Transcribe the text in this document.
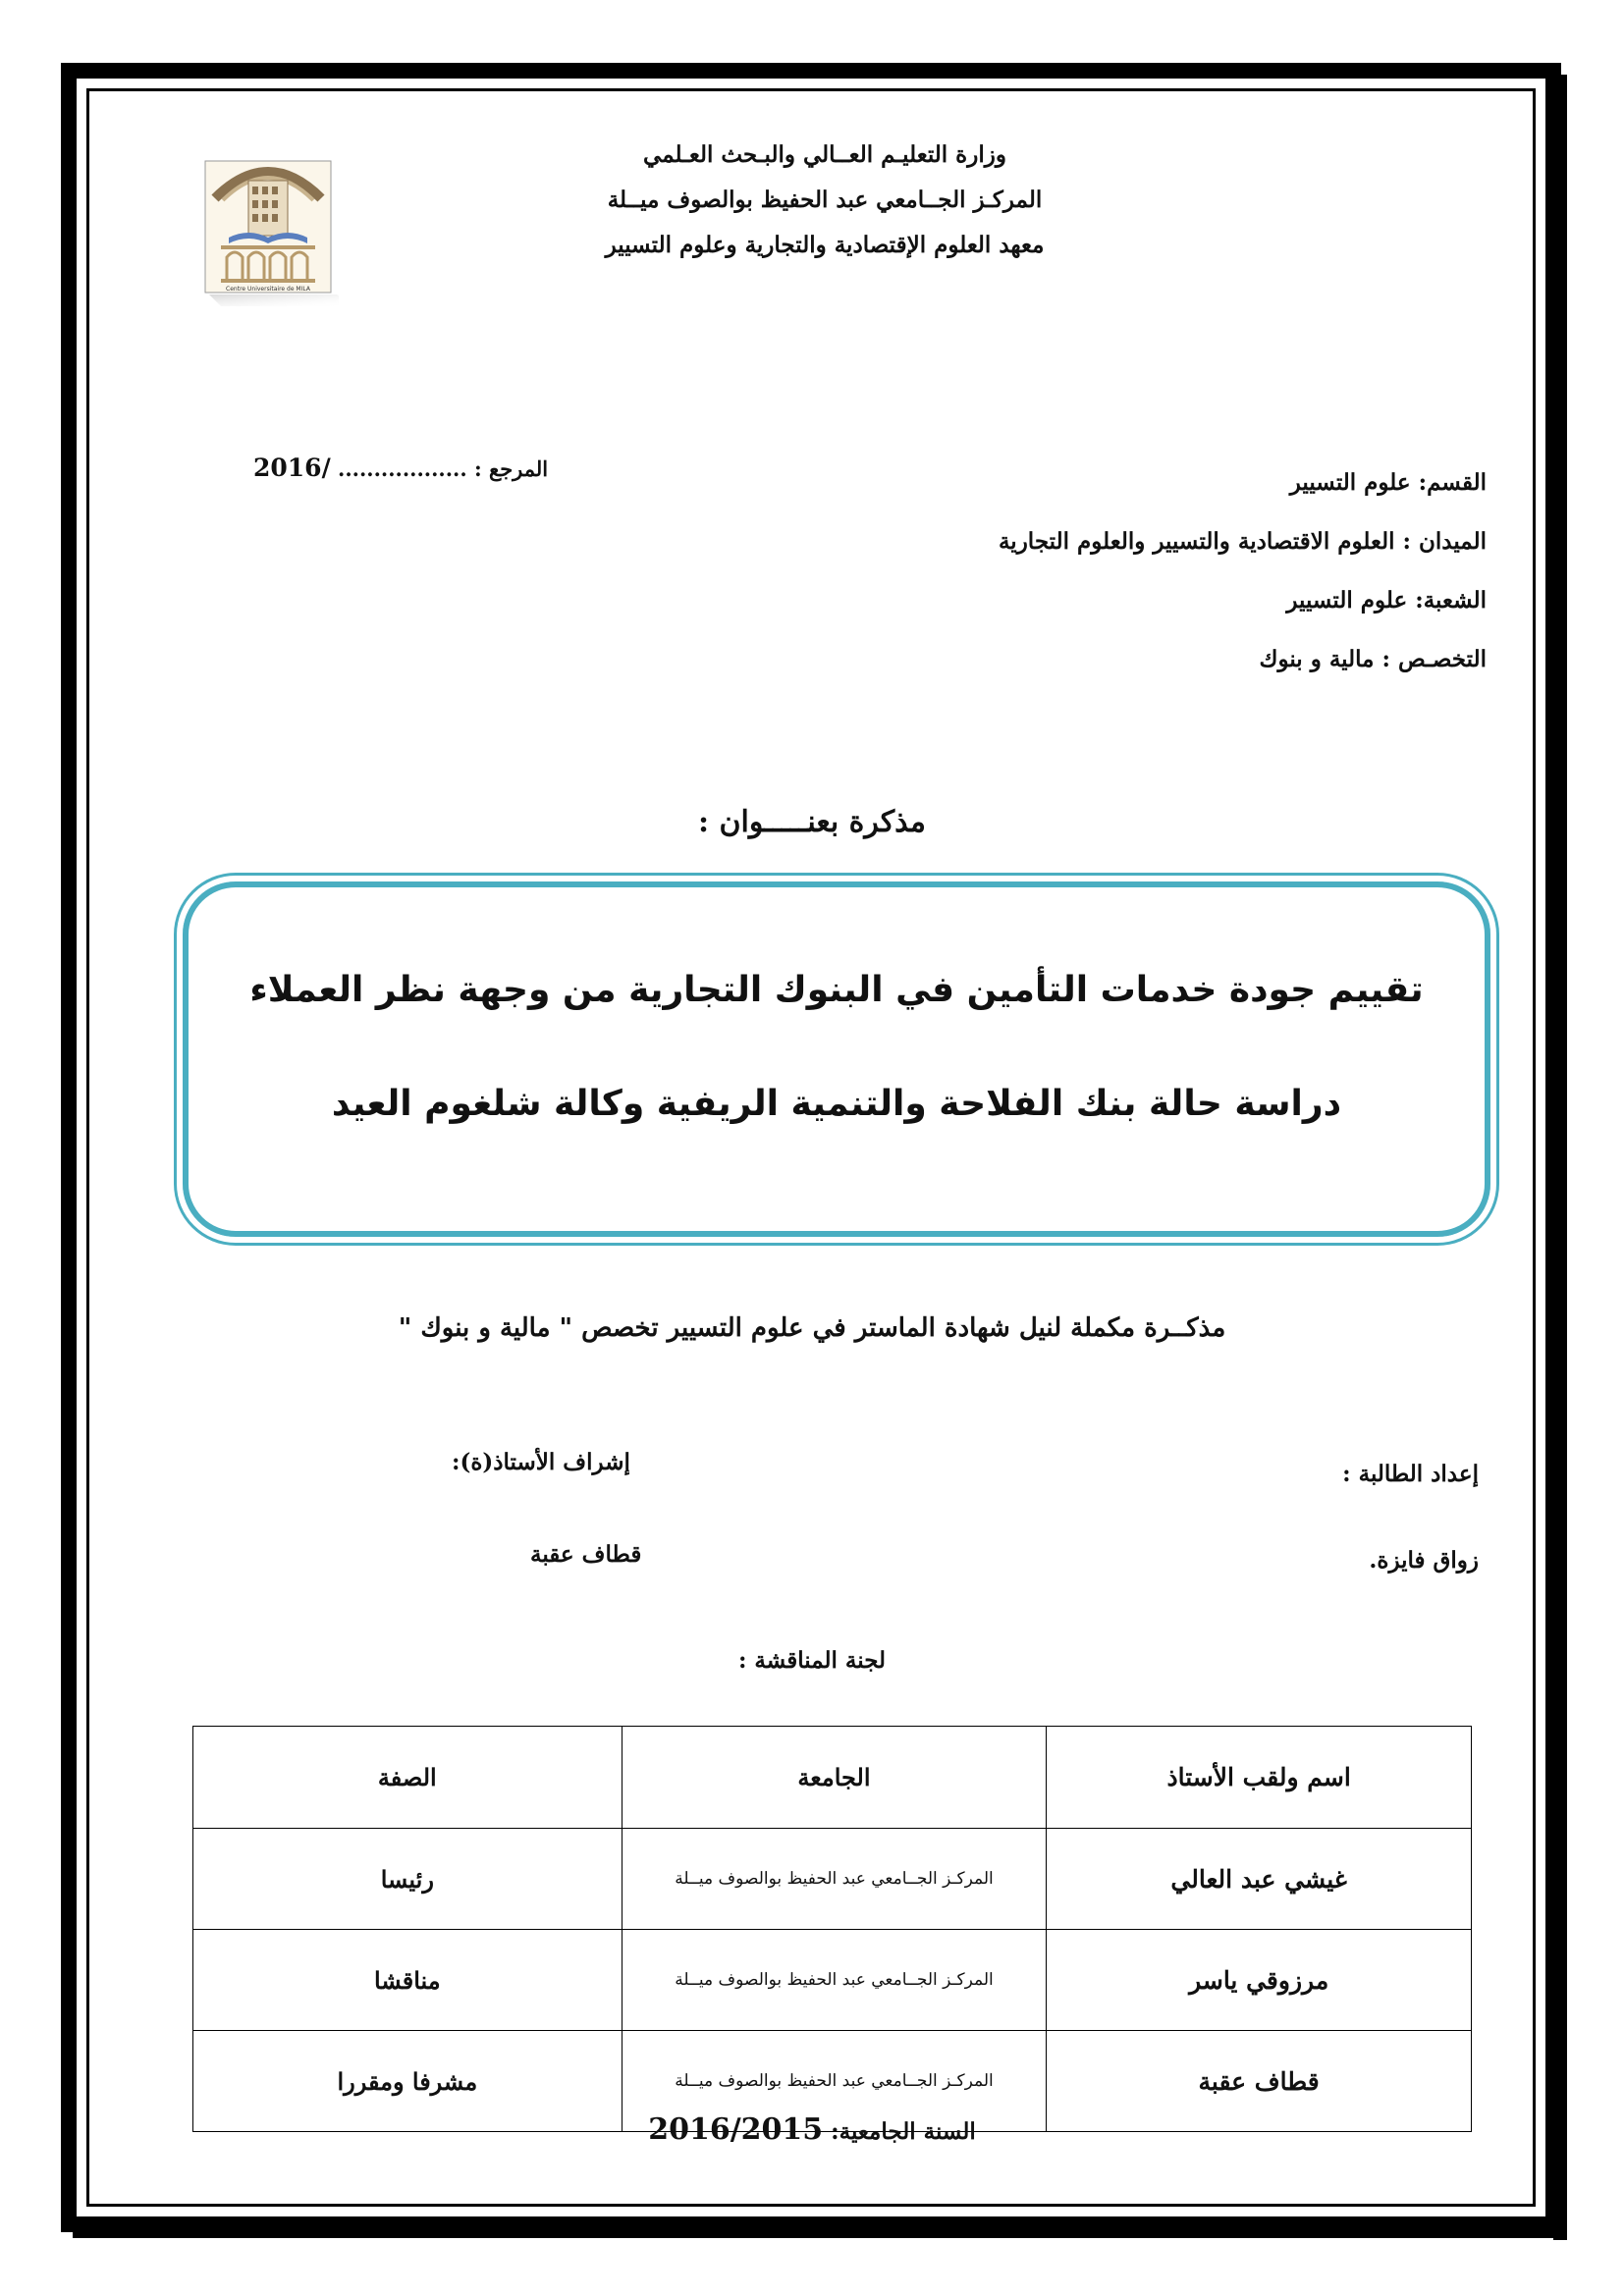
Centre Universitaire de MILA
وزارة التعليـم العــالي والبـحث العـلمي
المركـز الجــامعي عبد الحفيظ بوالصوف ميــلة
معهد العلوم الإقتصادية والتجارية وعلوم التسيير
المرجع : .................. /2016
القسم: علوم التسيير
الميدان : العلوم الاقتصادية والتسيير والعلوم التجارية
الشعبة: علوم التسيير
التخصـص : مالية و بنوك
مذكرة بعنـــــوان :
تقييم جودة خدمات التأمين في البنوك التجارية من وجهة نظر العملاء
دراسة حالة بنك الفلاحة والتنمية الريفية وكالة شلغوم العيد
مذكــرة مكملة لنيل شهادة الماستر في علوم التسيير تخصص " مالية و بنوك "
إعداد الطالبة :
زواق فايزة.
إشراف الأستاذ(ة):
قطاف عقبة
لجنة المناقشة :
اسم ولقب الأستاذ	الجامعة	الصفة
غيشي عبد العالي	المركـز الجــامعي عبد الحفيظ بوالصوف ميــلة	رئيسا
مرزوقي ياسر	المركـز الجــامعي عبد الحفيظ بوالصوف ميــلة	مناقشا
قطاف عقبة	المركـز الجــامعي عبد الحفيظ بوالصوف ميــلة	مشرفا ومقررا
السنة الجامعية: 2016/2015
